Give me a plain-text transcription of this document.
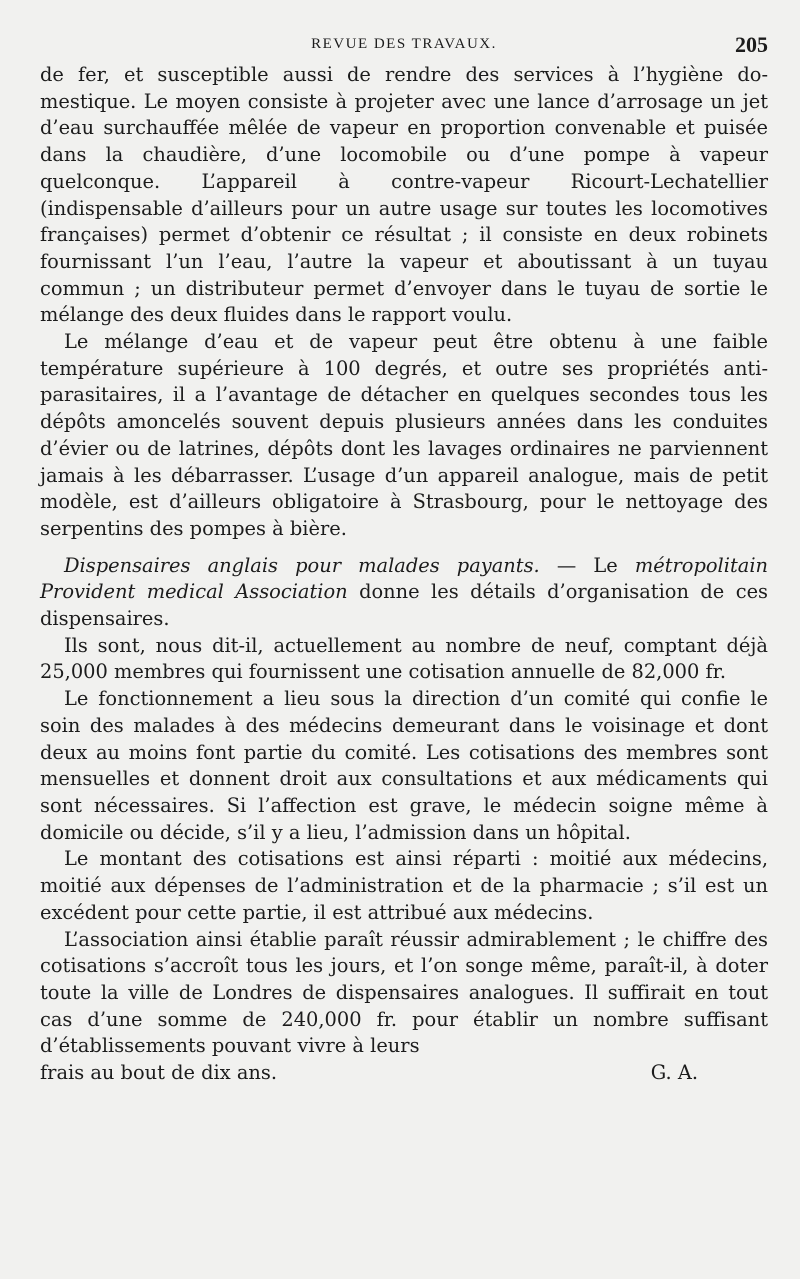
REVUE DES TRAVAUX.	205

de fer, et susceptible aussi de rendre des services à l’hygiène domestique. Le moyen consiste à projeter avec une lance d’arrosage un jet d’eau surchauffée mêlée de vapeur en proportion convenable et puisée dans la chaudière, d’une locomobile ou d’une pompe à vapeur quelconque. L’appareil à contre-vapeur Ricourt-Lechatellier (indispensable d’ailleurs pour un autre usage sur toutes les locomotives françaises) permet d’obtenir ce résultat ; il consiste en deux robinets fournissant l’un l’eau, l’autre la vapeur et aboutissant à un tuyau commun ; un distributeur permet d’envoyer dans le tuyau de sortie le mélange des deux fluides dans le rapport voulu.

Le mélange d’eau et de vapeur peut être obtenu à une faible température supérieure à 100 degrés, et outre ses propriétés antiparasitaires, il a l’avantage de détacher en quelques secondes tous les dépôts amoncelés souvent depuis plusieurs années dans les conduites d’évier ou de latrines, dépôts dont les lavages ordinaires ne parviennent jamais à les débarrasser. L’usage d’un appareil analogue, mais de petit modèle, est d’ailleurs obligatoire à Strasbourg, pour le nettoyage des serpentins des pompes à bière.

Dispensaires anglais pour malades payants. — Le métropolitain Provident medical Association donne les détails d’organisation de ces dispensaires.

Ils sont, nous dit-il, actuellement au nombre de neuf, comptant déjà 25,000 membres qui fournissent une cotisation annuelle de 82,000 fr.

Le fonctionnement a lieu sous la direction d’un comité qui confie le soin des malades à des médecins demeurant dans le voisinage et dont deux au moins font partie du comité. Les cotisations des membres sont mensuelles et donnent droit aux consultations et aux médicaments qui sont nécessaires. Si l’affection est grave, le médecin soigne même à domicile ou décide, s’il y a lieu, l’admission dans un hôpital.

Le montant des cotisations est ainsi réparti : moitié aux médecins, moitié aux dépenses de l’administration et de la pharmacie ; s’il est un excédent pour cette partie, il est attribué aux médecins.

L’association ainsi établie paraît réussir admirablement ; le chiffre des cotisations s’accroît tous les jours, et l’on songe même, paraît-il, à doter toute la ville de Londres de dispensaires analogues. Il suffirait en tout cas d’une somme de 240,000 fr. pour établir un nombre suffisant d’établissements pouvant vivre à leurs

frais au bout de dix ans.	G. A.
